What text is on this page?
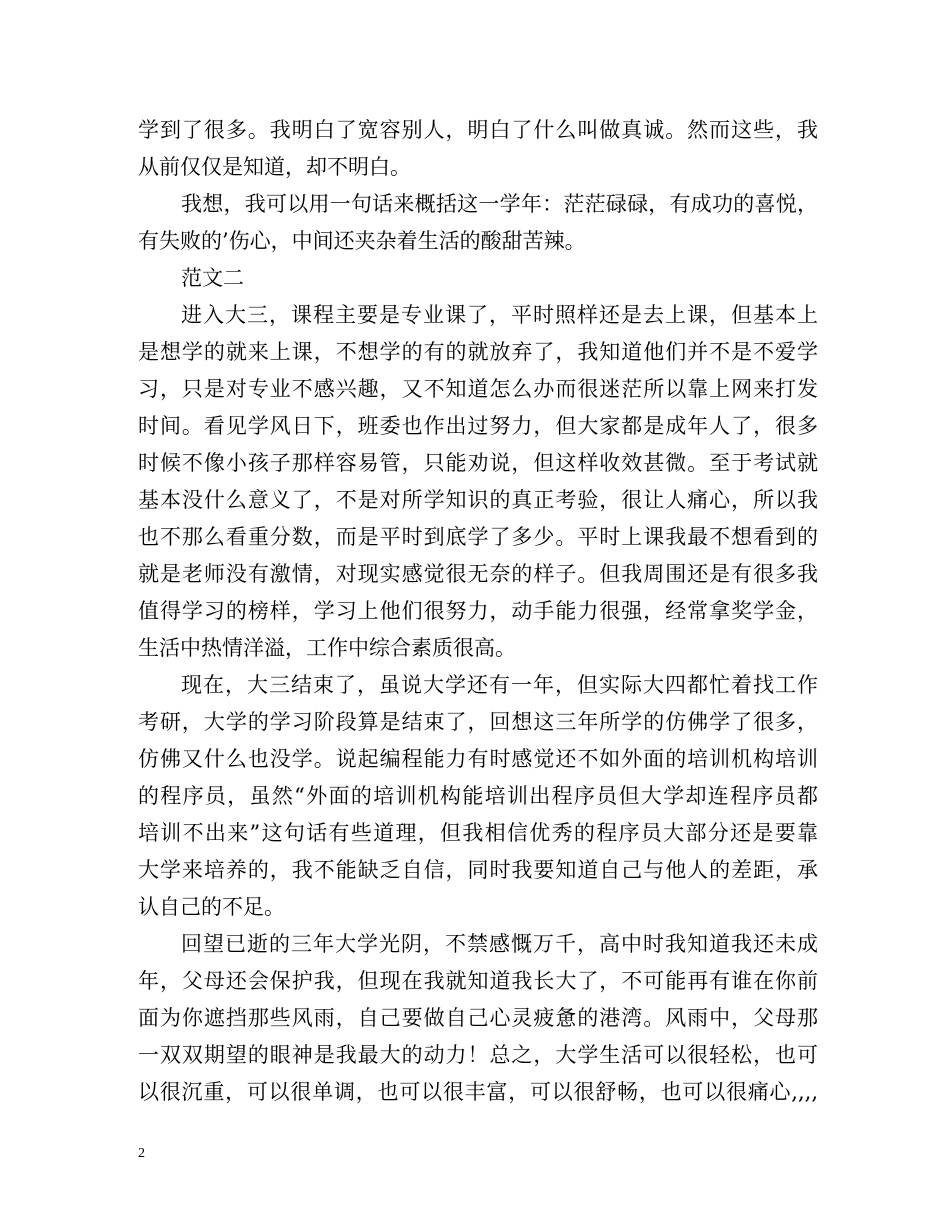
学到了很多。我明白了宽容别人，明白了什么叫做真诚。然而这些，我
从前仅仅是知道，却不明白。
我想，我可以用一句话来概括这一学年：茫茫碌碌，有成功的喜悦，
有失败的’伤心，中间还夹杂着生活的酸甜苦辣。
范文二
进入大三，课程主要是专业课了，平时照样还是去上课，但基本上
是想学的就来上课，不想学的有的就放弃了，我知道他们并不是不爱学
习，只是对专业不感兴趣，又不知道怎么办而很迷茫所以靠上网来打发
时间。看见学风日下，班委也作出过努力，但大家都是成年人了，很多
时候不像小孩子那样容易管，只能劝说，但这样收效甚微。至于考试就
基本没什么意义了，不是对所学知识的真正考验，很让人痛心，所以我
也不那么看重分数，而是平时到底学了多少。平时上课我最不想看到的
就是老师没有激情，对现实感觉很无奈的样子。但我周围还是有很多我
值得学习的榜样，学习上他们很努力，动手能力很强，经常拿奖学金，
生活中热情洋溢，工作中综合素质很高。
现在，大三结束了，虽说大学还有一年，但实际大四都忙着找工作
考研，大学的学习阶段算是结束了，回想这三年所学的仿佛学了很多，
仿佛又什么也没学。说起编程能力有时感觉还不如外面的培训机构培训
的程序员，虽然“外面的培训机构能培训出程序员但大学却连程序员都
培训不出来”这句话有些道理，但我相信优秀的程序员大部分还是要靠
大学来培养的，我不能缺乏自信，同时我要知道自己与他人的差距，承
认自己的不足。
回望已逝的三年大学光阴，不禁感慨万千，高中时我知道我还未成
年，父母还会保护我，但现在我就知道我长大了，不可能再有谁在你前
面为你遮挡那些风雨，自己要做自己心灵疲惫的港湾。风雨中，父母那
一双双期望的眼神是我最大的动力！总之，大学生活可以很轻松，也可
以很沉重，可以很单调，也可以很丰富，可以很舒畅，也可以很痛心,,,,
2
